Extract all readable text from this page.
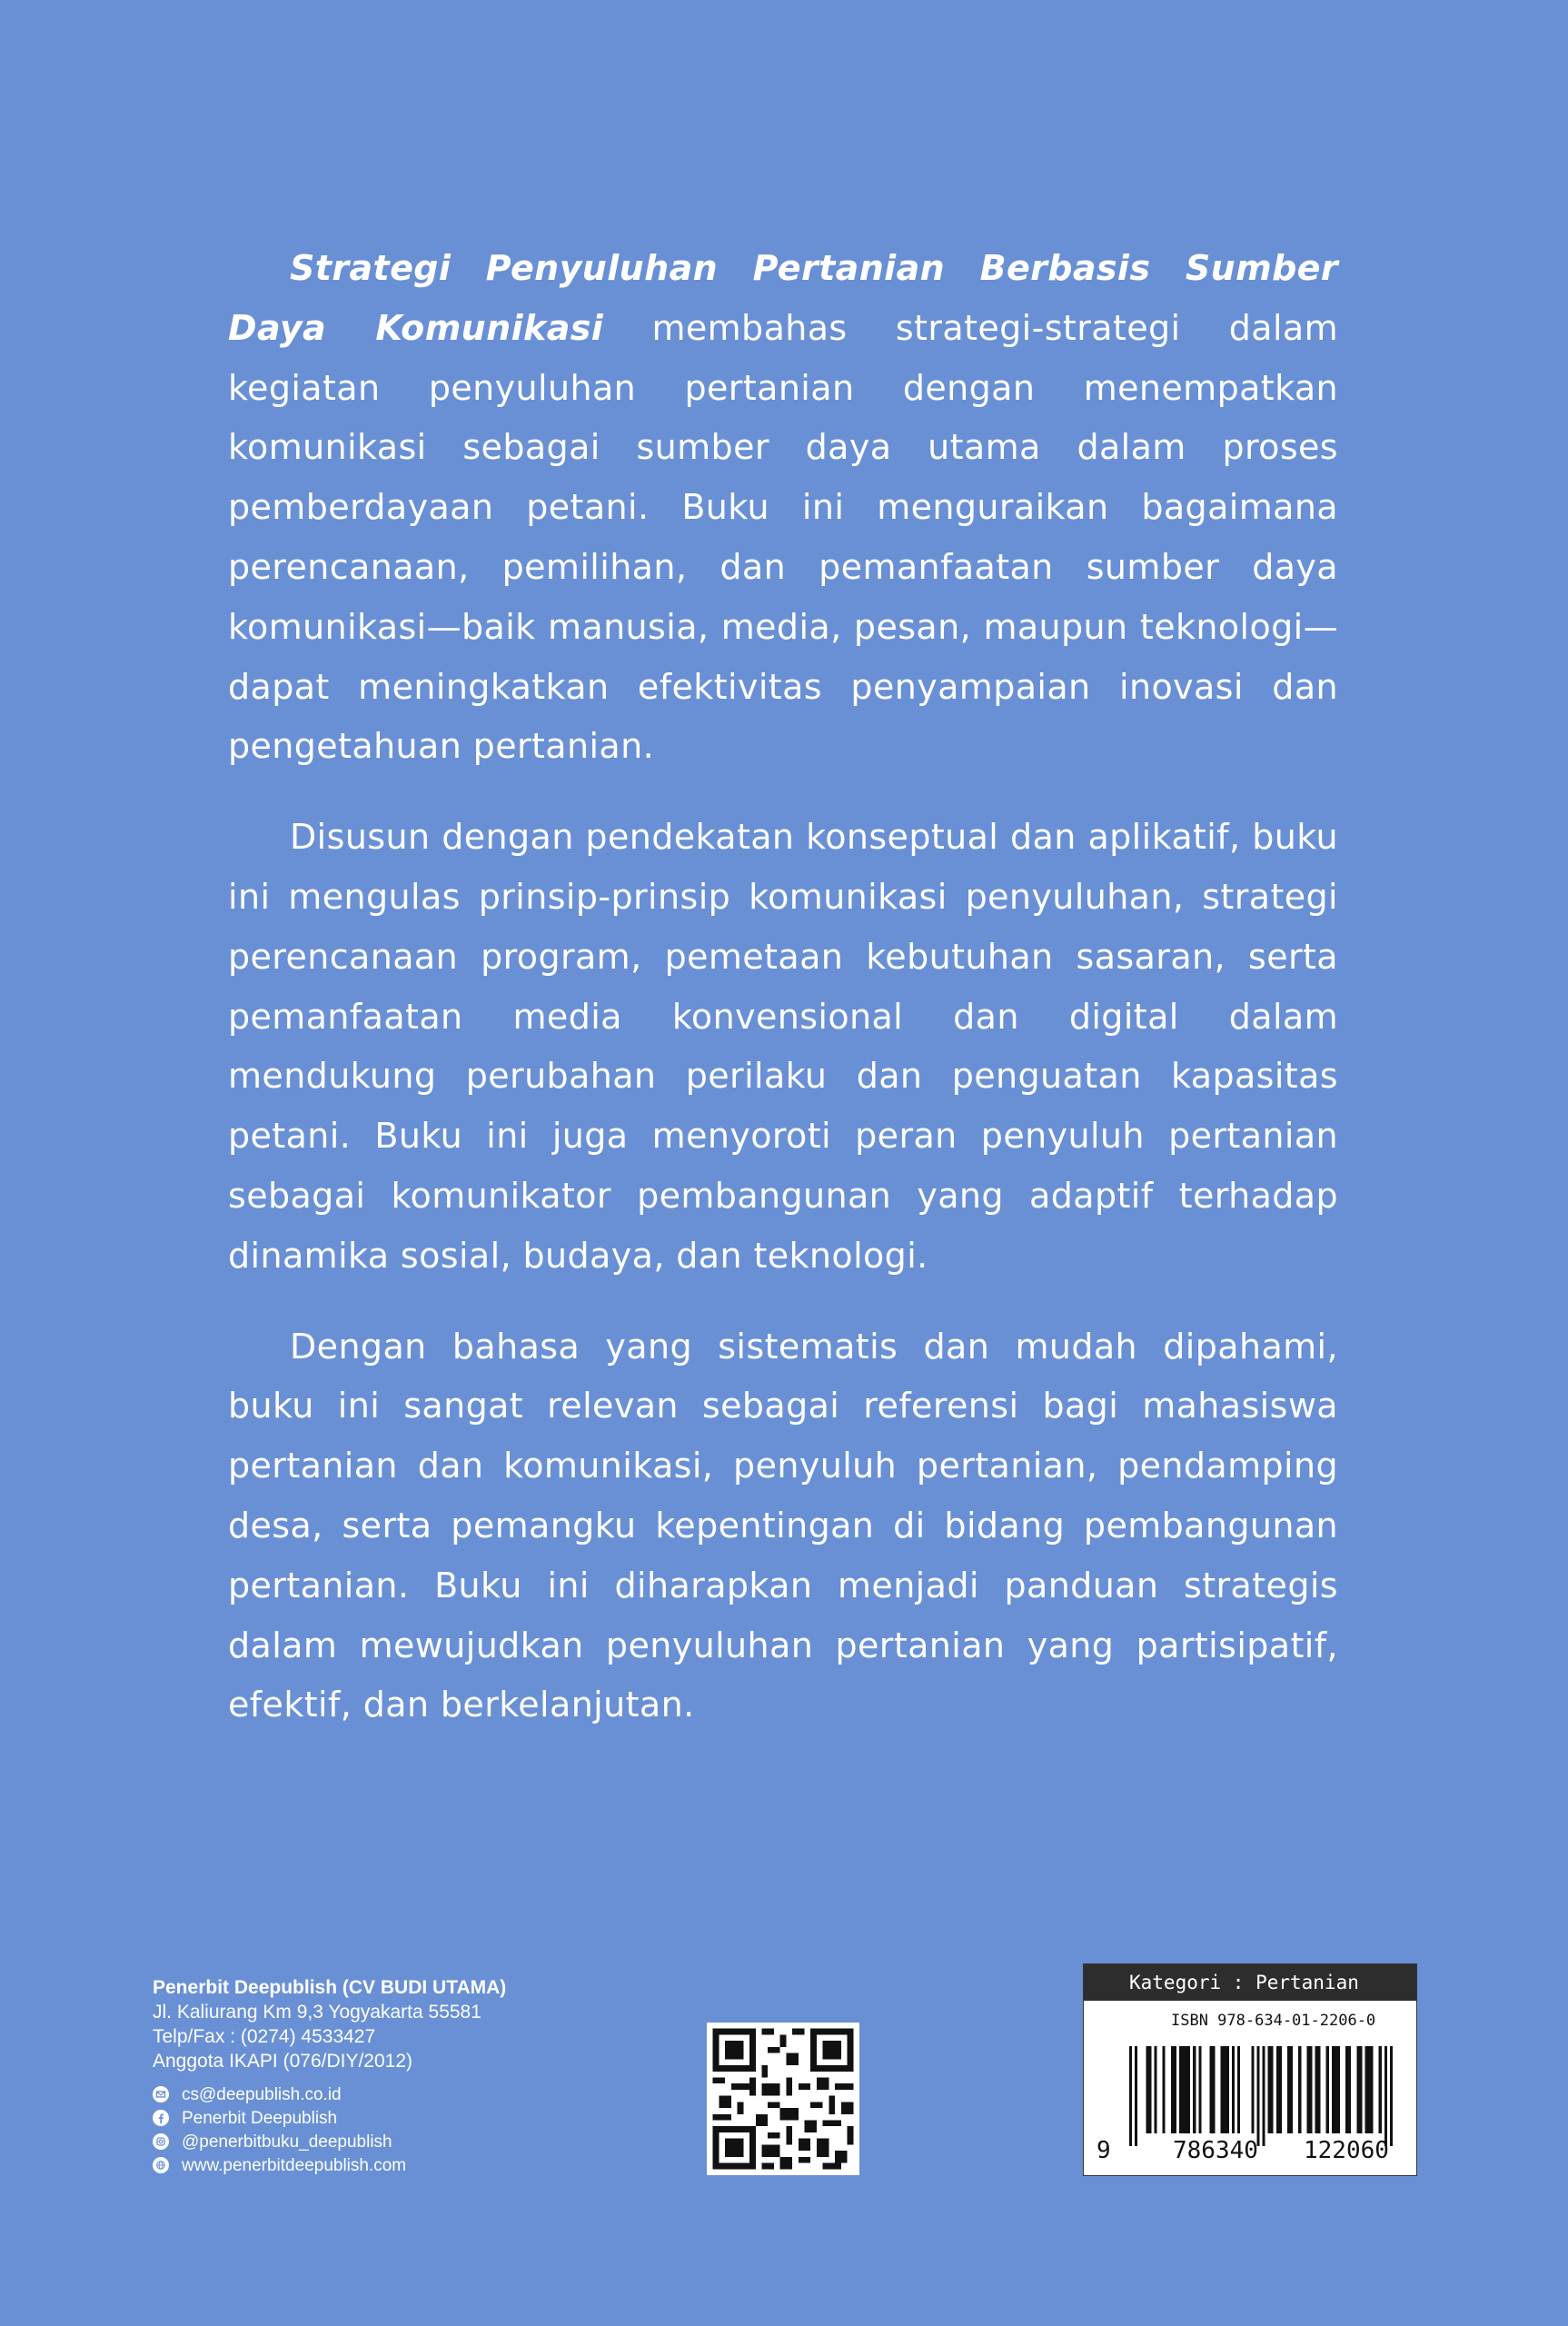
Strategi Penyuluhan Pertanian Berbasis Sumber Daya Komunikasi membahas strategi-strategi dalam kegiatan penyuluhan pertanian dengan menempatkan komunikasi sebagai sumber daya utama dalam proses pemberdayaan petani. Buku ini menguraikan bagaimana perencanaan, pemilihan, dan pemanfaatan sumber daya komunikasi—baik manusia, media, pesan, maupun teknologi—dapat meningkatkan efektivitas penyampaian inovasi dan pengetahuan pertanian.

Disusun dengan pendekatan konseptual dan aplikatif, buku ini mengulas prinsip-prinsip komunikasi penyuluhan, strategi perencanaan program, pemetaan kebutuhan sasaran, serta pemanfaatan media konvensional dan digital dalam mendukung perubahan perilaku dan penguatan kapasitas petani. Buku ini juga menyoroti peran penyuluh pertanian sebagai komunikator pembangunan yang adaptif terhadap dinamika sosial, budaya, dan teknologi.

Dengan bahasa yang sistematis dan mudah dipahami, buku ini sangat relevan sebagai referensi bagi mahasiswa pertanian dan komunikasi, penyuluh pertanian, pendamping desa, serta pemangku kepentingan di bidang pembangunan pertanian. Buku ini diharapkan menjadi panduan strategis dalam mewujudkan penyuluhan pertanian yang partisipatif, efektif, dan berkelanjutan.

Penerbit Deepublish (CV BUDI UTAMA)
Jl. Kaliurang Km 9,3 Yogyakarta 55581
Telp/Fax : (0274) 4533427
Anggota IKAPI (076/DIY/2012)
cs@deepublish.co.id
Penerbit Deepublish
@penerbitbuku_deepublish
www.penerbitdeepublish.com
Kategori : Pertanian
ISBN 978-634-01-2206-0
9	786340 122060
